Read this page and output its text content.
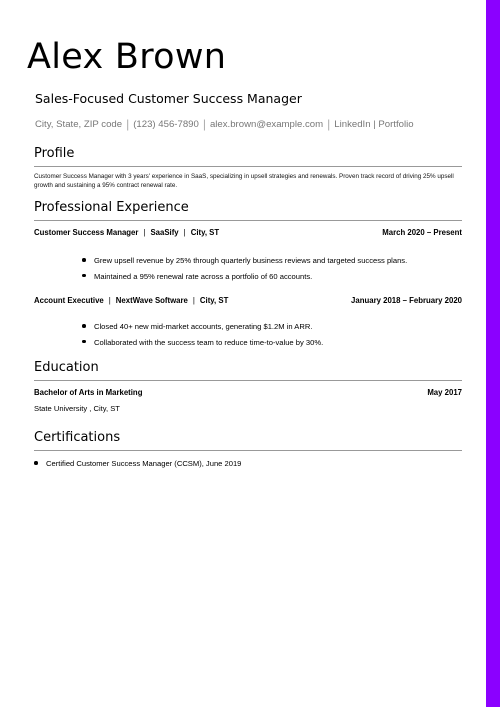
Alex Brown
Sales-Focused Customer Success Manager
City, State, ZIP code | (123) 456-7890 | alex.brown@example.com | LinkedIn | Portfolio
Profile
Customer Success Manager with 3 years' experience in SaaS, specializing in upsell strategies and renewals. Proven track record of driving 25% upsell growth and sustaining a 95% contract renewal rate.
Professional Experience
Customer Success Manager | SaaSify | City, ST	March 2020 – Present
Grew upsell revenue by 25% through quarterly business reviews and targeted success plans.
Maintained a 95% renewal rate across a portfolio of 60 accounts.
Account Executive | NextWave Software | City, ST	January 2018 – February 2020
Closed 40+ new mid-market accounts, generating $1.2M in ARR.
Collaborated with the success team to reduce time-to-value by 30%.
Education
Bachelor of Arts in Marketing	May 2017
State University , City, ST
Certifications
Certified Customer Success Manager (CCSM), June 2019
